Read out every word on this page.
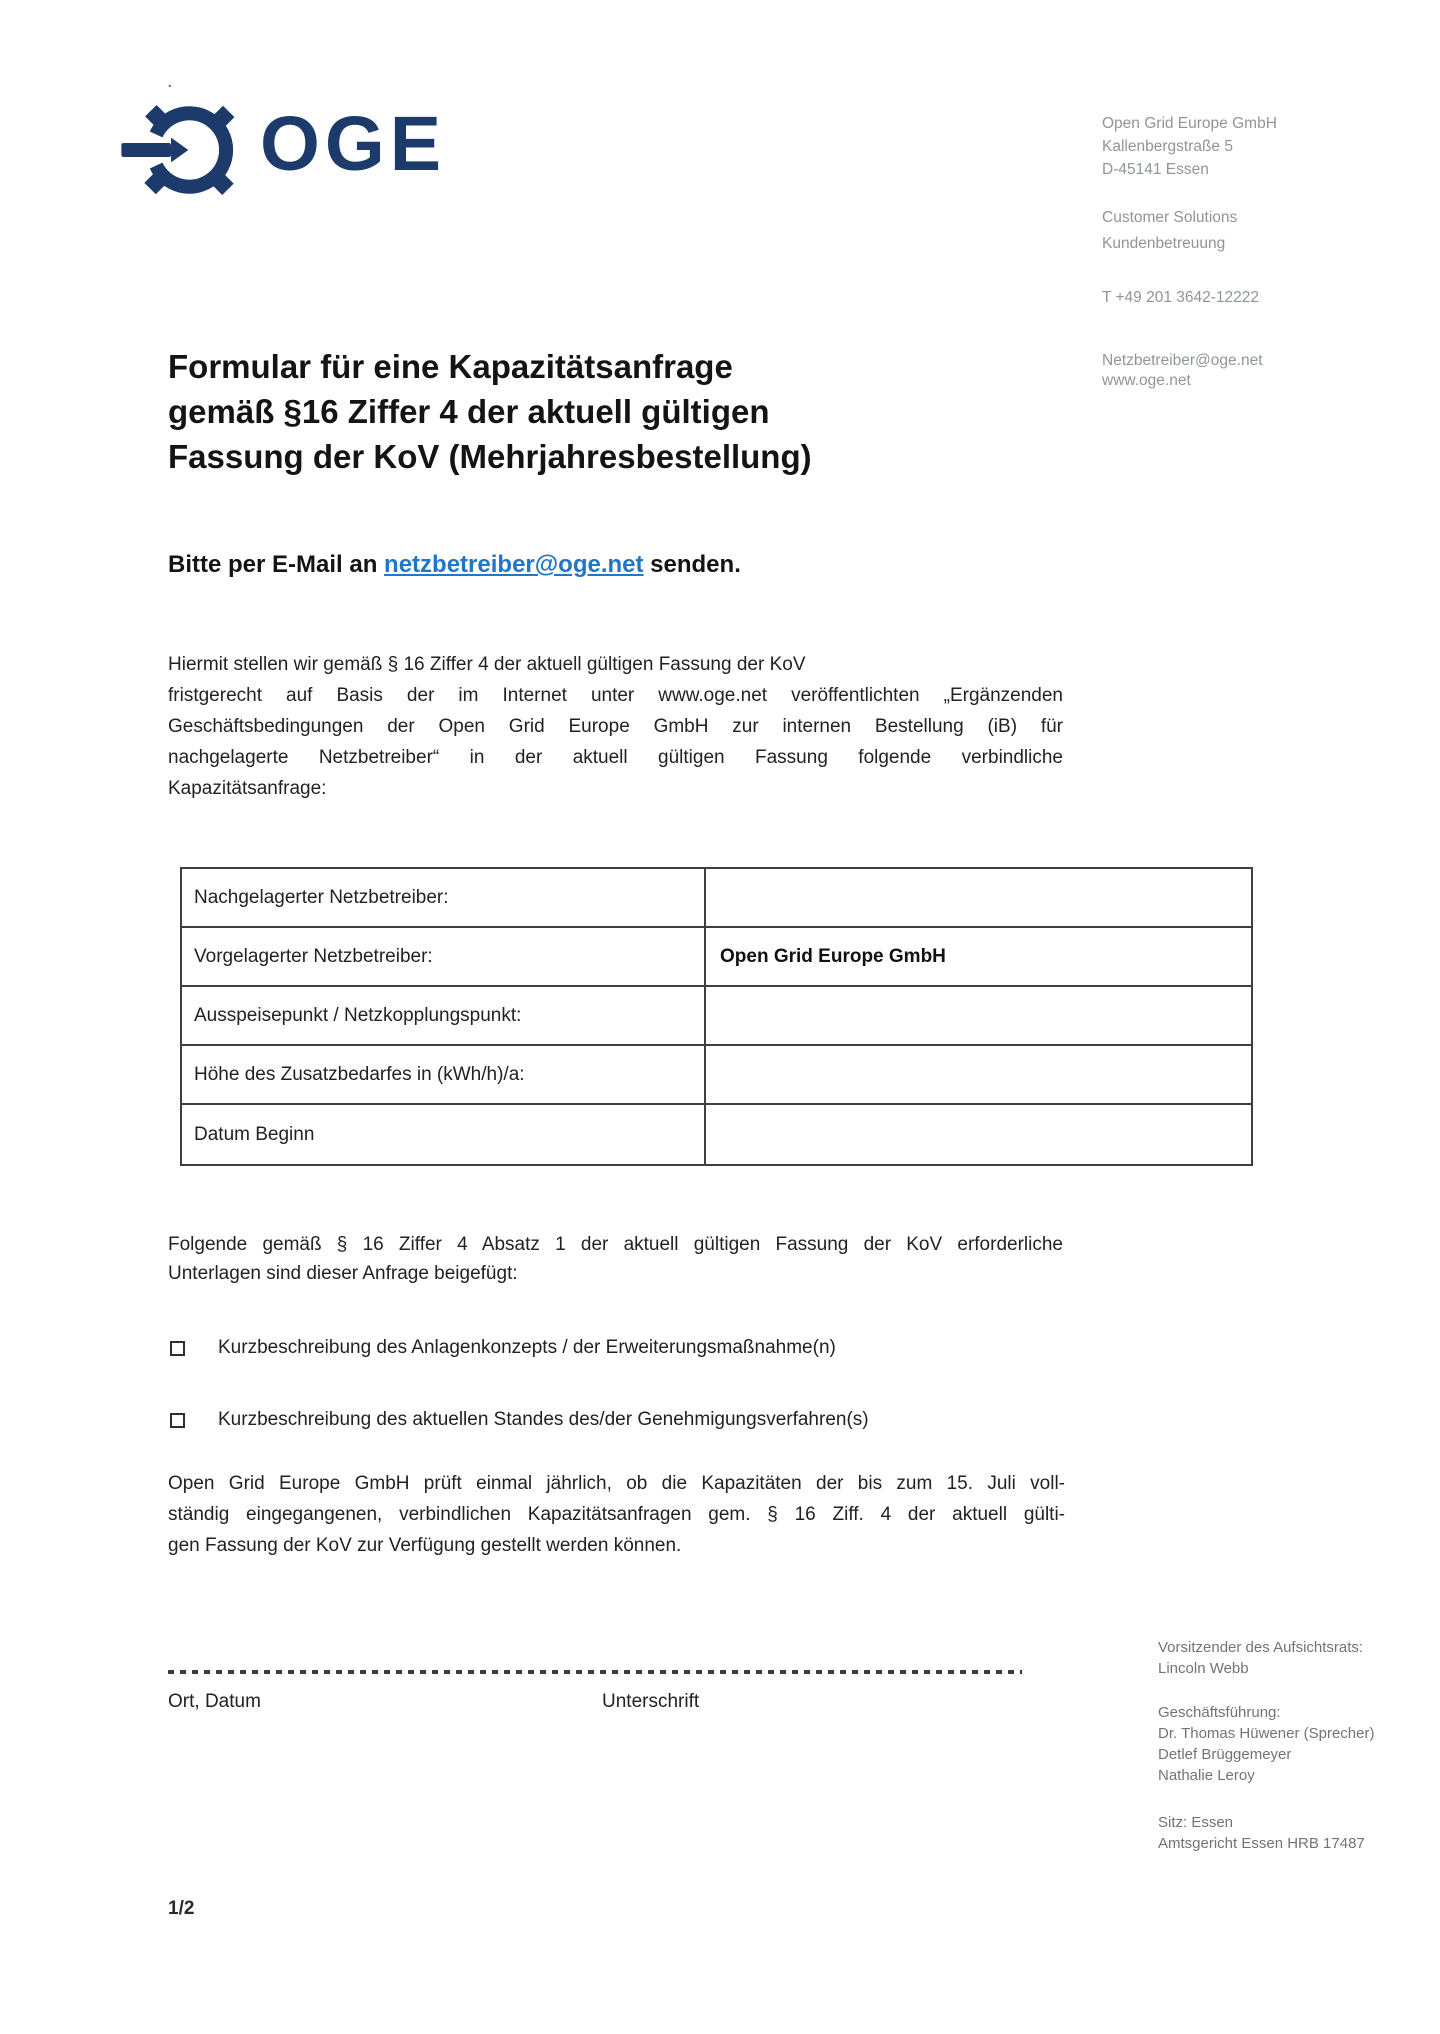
.
OGE	Open Grid Europe GmbH
Kallenbergstraße 5
D-45141 Essen
Customer Solutions
Kundenbetreuung
T +49 201 3642-12222
Netzbetreiber@oge.net
www.oge.net
Formular für eine Kapazitätsanfrage
gemäß §16 Ziffer 4 der aktuell gültigen
Fassung der KoV (Mehrjahresbestellung)
Bitte per E-Mail an netzbetreiber@oge.net senden.
Hiermit stellen wir gemäß § 16 Ziffer 4 der aktuell gültigen Fassung der KoV
fristgerecht auf Basis der im Internet unter www.oge.net veröffentlichten „Ergänzenden
Geschäftsbedingungen der Open Grid Europe GmbH zur internen Bestellung (iB) für
nachgelagerte Netzbetreiber“ in der aktuell gültigen Fassung folgende verbindliche
Kapazitätsanfrage:
Nachgelagerter Netzbetreiber:
Vorgelagerter Netzbetreiber:	Open Grid Europe GmbH
Ausspeisepunkt / Netzkopplungspunkt:
Höhe des Zusatzbedarfes in (kWh/h)/a:
Datum Beginn
Folgende gemäß § 16 Ziffer 4 Absatz 1 der aktuell gültigen Fassung der KoV erforderliche
Unterlagen sind dieser Anfrage beigefügt:
Kurzbeschreibung des Anlagenkonzepts / der Erweiterungsmaßnahme(n)
Kurzbeschreibung des aktuellen Standes des/der Genehmigungsverfahren(s)
Open Grid Europe GmbH prüft einmal jährlich, ob die Kapazitäten der bis zum 15. Juli voll-
ständig eingegangenen, verbindlichen Kapazitätsanfragen gem. § 16 Ziff. 4 der aktuell gülti-
gen Fassung der KoV zur Verfügung gestellt werden können.
Ort, Datum	Unterschrift
Vorsitzender des Aufsichtsrats:
Lincoln Webb
Geschäftsführung:
Dr. Thomas Hüwener (Sprecher)
Detlef Brüggemeyer
Nathalie Leroy
Sitz: Essen
Amtsgericht Essen HRB 17487
1/2
